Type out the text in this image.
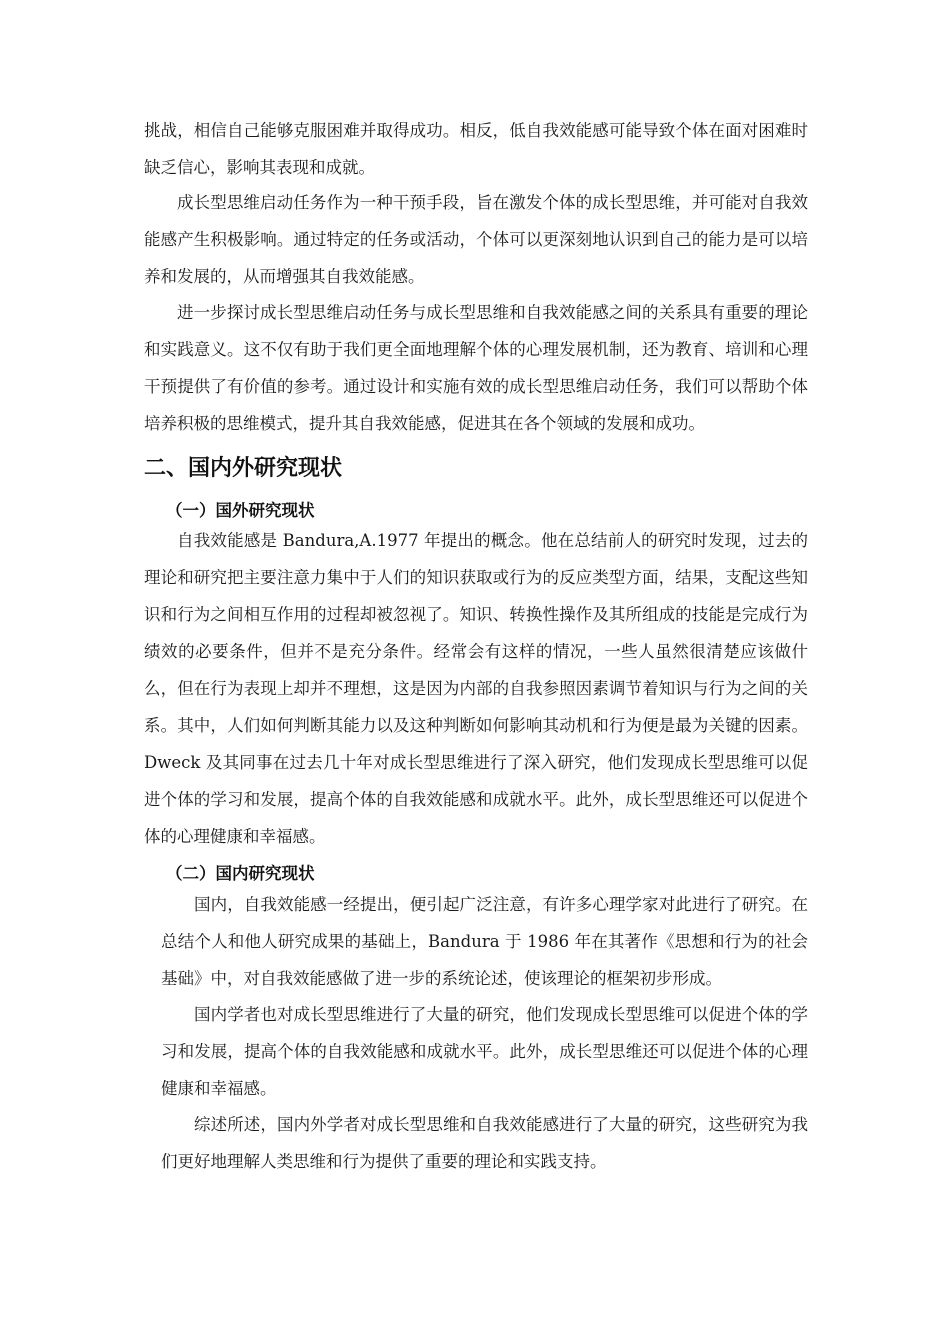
挑战，相信自己能够克服困难并取得成功。相反，低自我效能感可能导致个体在面对困难时缺乏信心，影响其表现和成就。

成长型思维启动任务作为一种干预手段，旨在激发个体的成长型思维，并可能对自我效能感产生积极影响。通过特定的任务或活动，个体可以更深刻地认识到自己的能力是可以培养和发展的，从而增强其自我效能感。

进一步探讨成长型思维启动任务与成长型思维和自我效能感之间的关系具有重要的理论和实践意义。这不仅有助于我们更全面地理解个体的心理发展机制，还为教育、培训和心理干预提供了有价值的参考。通过设计和实施有效的成长型思维启动任务，我们可以帮助个体培养积极的思维模式，提升其自我效能感，促进其在各个领域的发展和成功。

二、国内外研究现状
（一）国外研究现状

自我效能感是 Bandura,A.1977 年提出的概念。他在总结前人的研究时发现，过去的理论和研究把主要注意力集中于人们的知识获取或行为的反应类型方面，结果，支配这些知识和行为之间相互作用的过程却被忽视了。知识、转换性操作及其所组成的技能是完成行为绩效的必要条件，但并不是充分条件。经常会有这样的情况，一些人虽然很清楚应该做什么，但在行为表现上却并不理想，这是因为内部的自我参照因素调节着知识与行为之间的关系。其中，人们如何判断其能力以及这种判断如何影响其动机和行为便是最为关键的因素。Dweck 及其同事在过去几十年对成长型思维进行了深入研究，他们发现成长型思维可以促进个体的学习和发展，提高个体的自我效能感和成就水平。此外，成长型思维还可以促进个体的心理健康和幸福感。

（二）国内研究现状

国内，自我效能感一经提出，便引起广泛注意，有许多心理学家对此进行了研究。在总结个人和他人研究成果的基础上，Bandura 于 1986 年在其著作《思想和行为的社会基础》中，对自我效能感做了进一步的系统论述，使该理论的框架初步形成。

国内学者也对成长型思维进行了大量的研究，他们发现成长型思维可以促进个体的学习和发展，提高个体的自我效能感和成就水平。此外，成长型思维还可以促进个体的心理健康和幸福感。

综述所述，国内外学者对成长型思维和自我效能感进行了大量的研究，这些研究为我们更好地理解人类思维和行为提供了重要的理论和实践支持。
